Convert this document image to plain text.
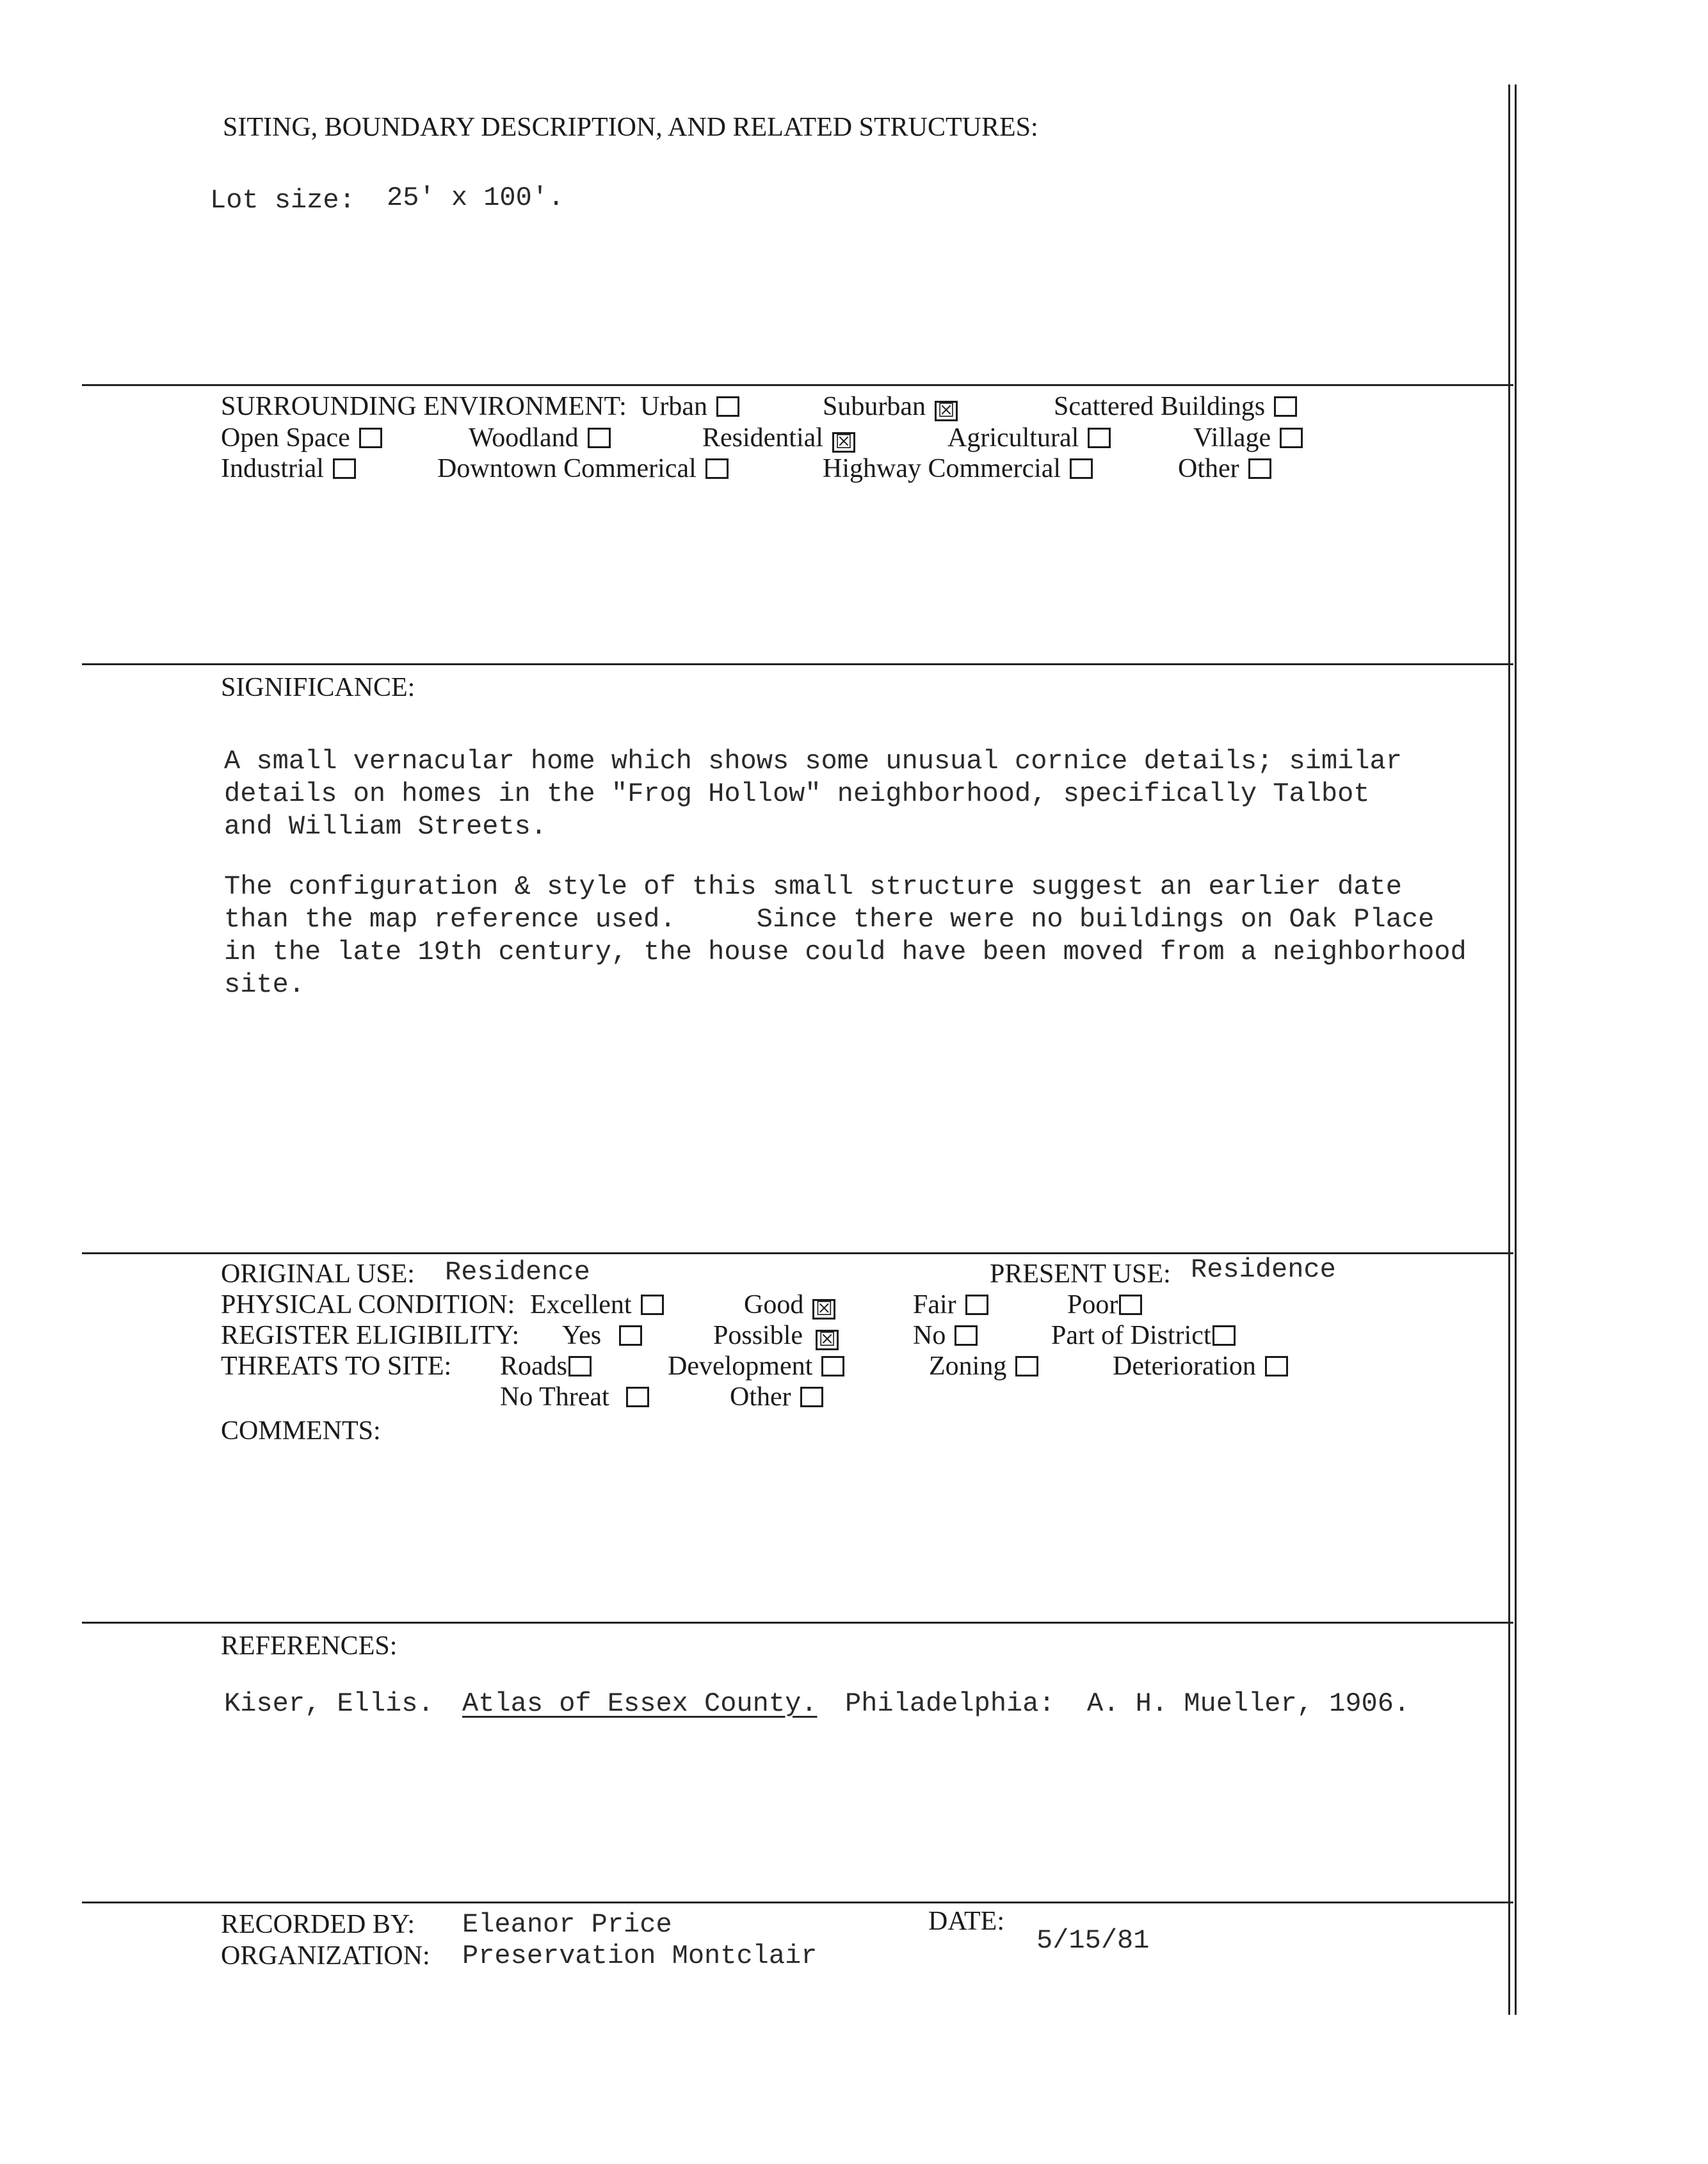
SITING, BOUNDARY DESCRIPTION, AND RELATED STRUCTURES:
Lot size: 25' x 100'.
SURROUNDING ENVIRONMENT: Urban	Suburban ☒	Scattered Buildings
Open Space	Woodland	Residential ☒	Agricultural	Village
Industrial	Downtown Commerical	Highway Commercial	Other
SIGNIFICANCE:
A small vernacular home which shows some unusual cornice details; similar
details on homes in the "Frog Hollow" neighborhood, specifically Talbot
and William Streets.
The configuration & style of this small structure suggest an earlier date
than the map reference used.     Since there were no buildings on Oak Place
in the late 19th century, the house could have been moved from a neighborhood
site.
ORIGINAL USE: Residence	PRESENT USE: Residence
PHYSICAL CONDITION: Excellent	Good ☒	Fair	Poor
REGISTER ELIGIBILITY: Yes	Possible ☒	No	Part of District
THREATS TO SITE: Roads	Development	Zoning	Deterioration
No Threat	Other
COMMENTS:
REFERENCES:
Kiser, Ellis. Atlas of Essex County. Philadelphia:  A. H. Mueller, 1906.
RECORDED BY: Eleanor Price
ORGANIZATION: Preservation Montclair
DATE:
5/15/81
